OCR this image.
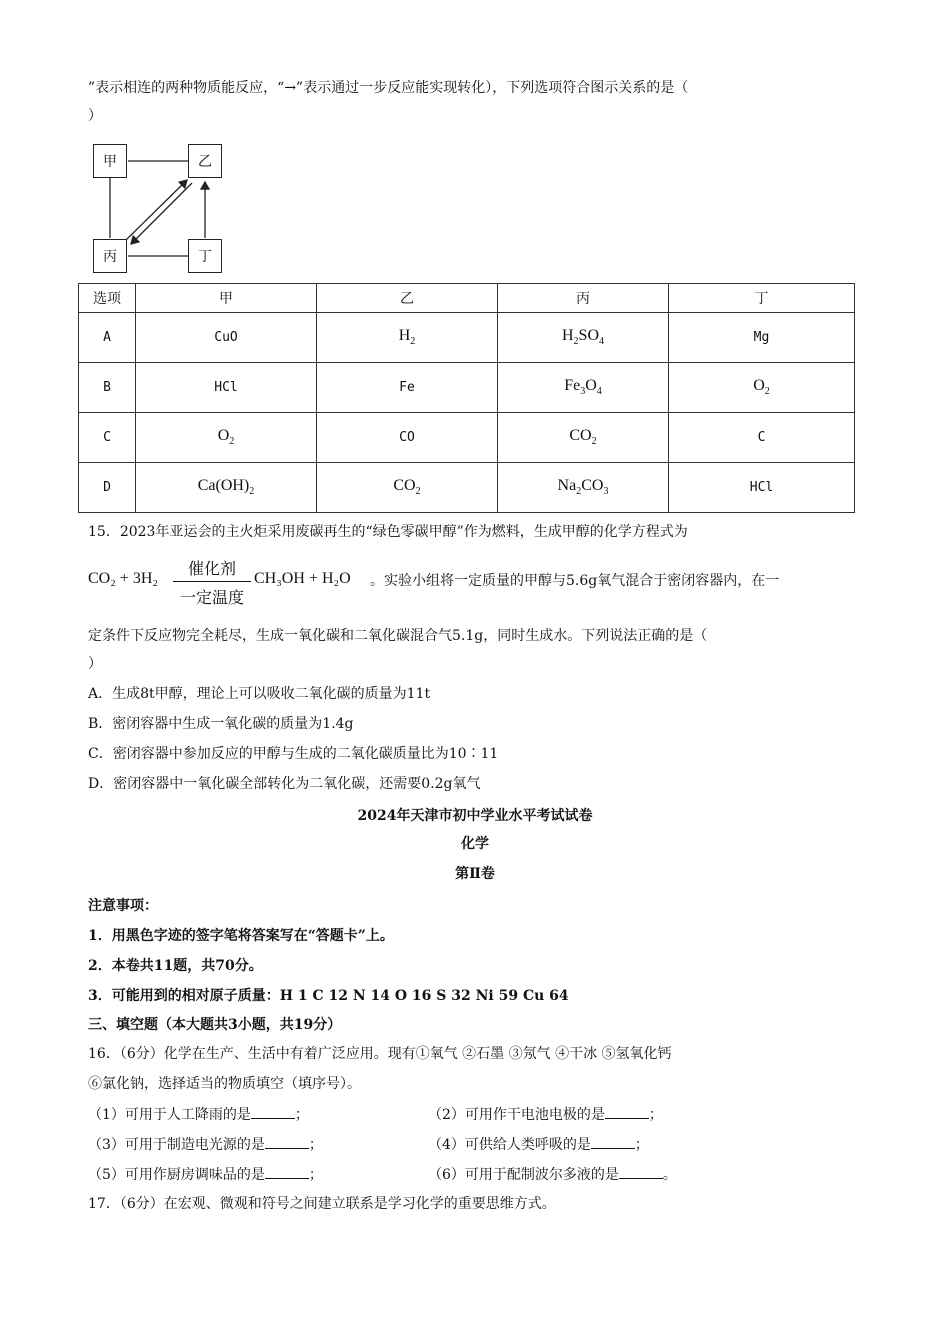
”表示相连的两种物质能反应，“→”表示通过一步反应能实现转化），下列选项符合图示关系的是（
）
甲	乙
丙	丁
选项	甲	乙	丙	丁
A	CuO	$H_2$	$H_2SO_4$	Mg
B	HCl	Fe	$Fe_3O_4$	$O_2$
C	$O_2$	CO	$CO_2$	C
D	$Ca(OH)_2$	$CO_2$	$Na_2CO_3$	HCl
15．2023年亚运会的主火炬采用废碳再生的“绿色零碳甲醇”作为燃料，生成甲醇的化学方程式为
CO₂ + 3H₂
催化剂
一定温度
CH₃OH + H₂O 。实验小组将一定质量的甲醇与5.6g氧气混合于密闭容器内，在一
定条件下反应物完全耗尽，生成一氧化碳和二氧化碳混合气5.1g，同时生成水。下列说法正确的是（
）
A．生成8t甲醇，理论上可以吸收二氧化碳的质量为11t
B．密闭容器中生成一氧化碳的质量为1.4g
C．密闭容器中参加反应的甲醇与生成的二氧化碳质量比为10∶11
D．密闭容器中一氧化碳全部转化为二氧化碳，还需要0.2g氧气
2024年天津市初中学业水平考试试卷
化学
第Ⅱ卷
注意事项：
1．用黑色字迹的签字笔将答案写在“答题卡”上。
2．本卷共11题，共70分。
3．可能用到的相对原子质量：H 1 C 12 N 14 O 16 S 32 Ni 59 Cu 64
三、填空题（本大题共3小题，共19分）
16．（6分）化学在生产、生活中有着广泛应用。现有①氧气 ②石墨 ③氖气 ④干冰 ⑤氢氧化钙
⑥氯化钠，选择适当的物质填空（填序号）。
（1）可用于人工降雨的是	；	（2）可用作干电池电极的是	；
（3）可用于制造电光源的是	；	（4）可供给人类呼吸的是	；
（5）可用作厨房调味品的是	；	（6）可用于配制波尔多液的是	。
17．（6分）在宏观、微观和符号之间建立联系是学习化学的重要思维方式。
